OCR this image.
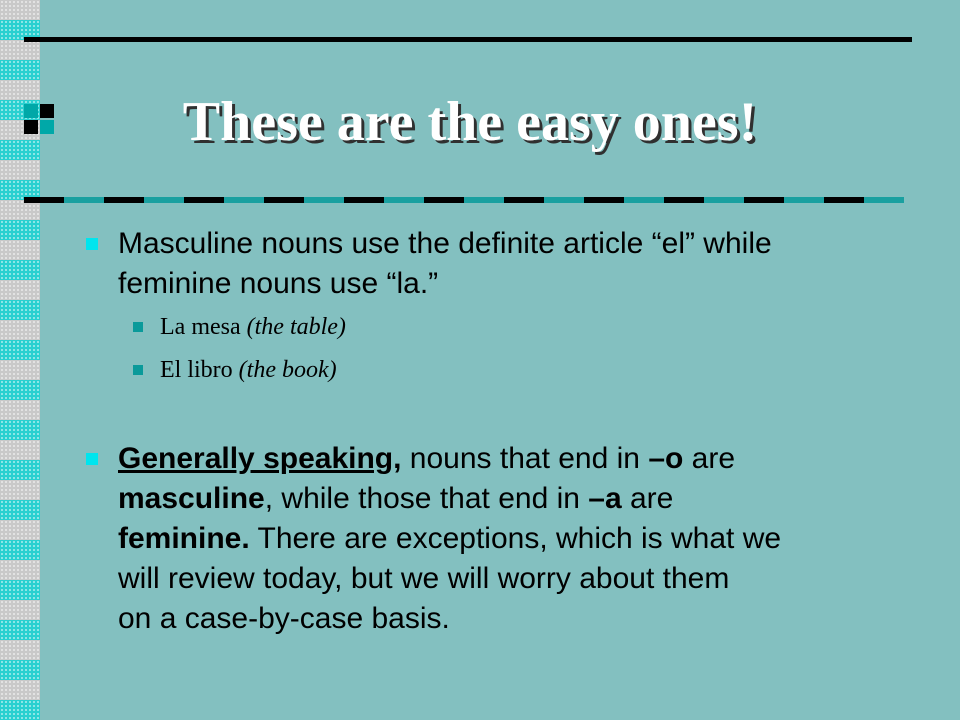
These are the easy ones!
Masculine nouns use the definite article “el” while
feminine nouns use “la.”
La mesa (the table)
El libro (the book)
Generally speaking, nouns that end in –o are
masculine, while those that end in –a are
feminine. There are exceptions, which is what we
will review today, but we will worry about them
on a case-by-case basis.
